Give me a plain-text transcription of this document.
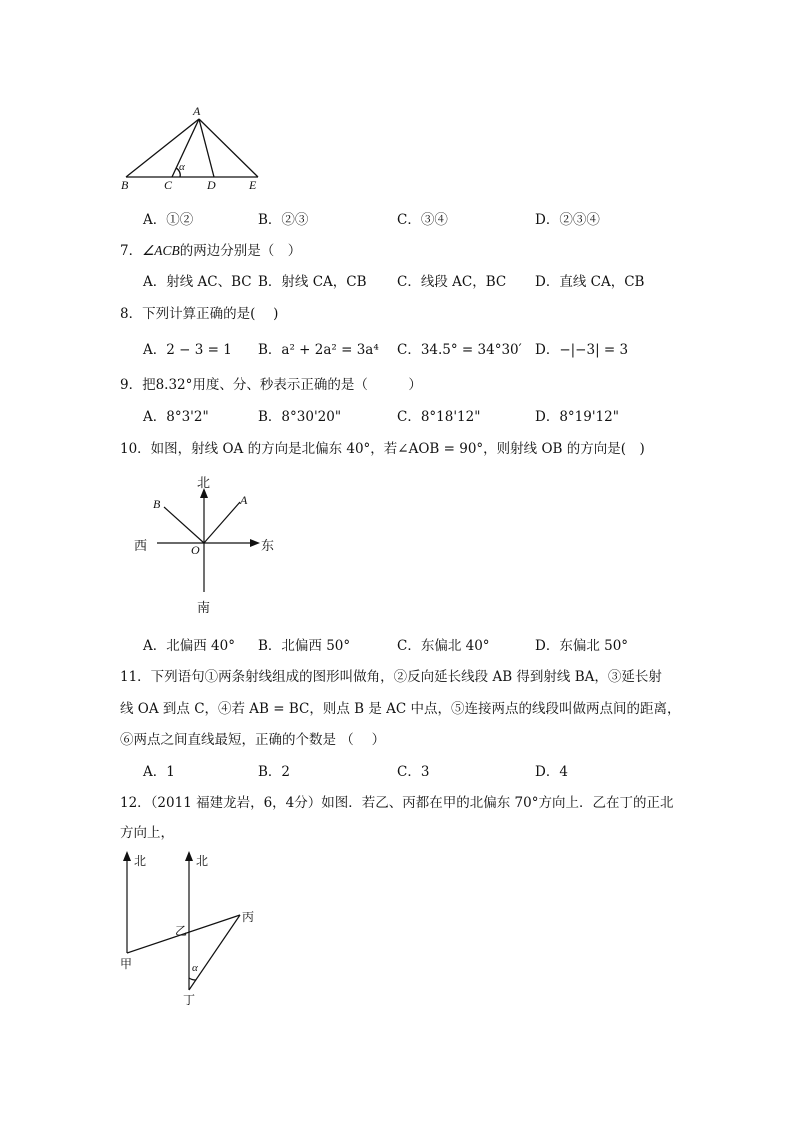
A
B	C	D	E
α
A．①②	B．②③	C．③④	D．②③④
7．∠ACB的两边分别是（　）
A．射线 AC、BC B．射线 CA，CB C．线段 AC，BC D．直线 CA，CB
8．下列计算正确的是(　 )
A．2 − 3 = 1 B．a² + 2a² = 3a⁴ C．34.5° = 34°30′ D．−|−3| = 3
9．把8.32°用度、分、秒表示正确的是（　　　）
A．8°3'2"	B．8°30'20"	C．8°18'12"	D．8°19'12"
10．如图，射线 OA 的方向是北偏东 40°，若∠AOB = 90°，则射线 OB 的方向是(　)
北
南
东
西	O
A
B
A．北偏西 40° B．北偏西 50°	C．东偏北 40°	D．东偏北 50°
11．下列语句①两条射线组成的图形叫做角，②反向延长线段 AB 得到射线 BA，③延长射
线 OA 到点 C，④若 AB = BC，则点 B 是 AC 中点，⑤连接两点的线段叫做两点间的距离，
⑥两点之间直线最短，正确的个数是 （　 ）
A．1	B．2	C．3	D．4
12．（2011 福建龙岩，6，4分）如图．若乙、丙都在甲的北偏东 70°方向上．乙在丁的正北
方向上，
北	北
甲
乙
丙
丁
α
